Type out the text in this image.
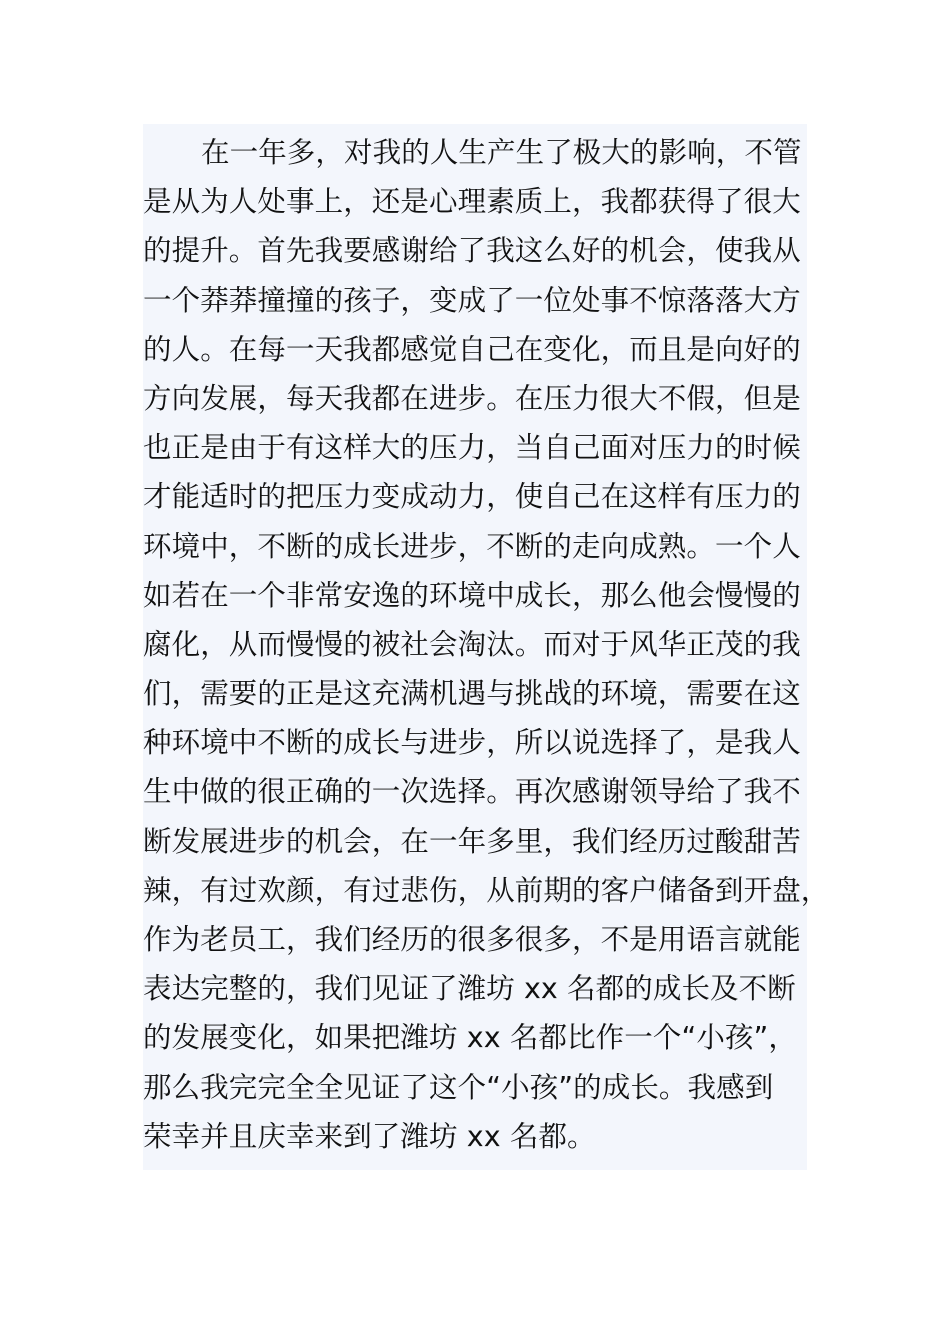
在一年多，对我的人生产生了极大的影响，不管
是从为人处事上，还是心理素质上，我都获得了很大
的提升。首先我要感谢给了我这么好的机会，使我从
一个莽莽撞撞的孩子，变成了一位处事不惊落落大方
的人。在每一天我都感觉自己在变化，而且是向好的
方向发展，每天我都在进步。在压力很大不假，但是
也正是由于有这样大的压力，当自己面对压力的时候
才能适时的把压力变成动力，使自己在这样有压力的
环境中，不断的成长进步，不断的走向成熟。一个人
如若在一个非常安逸的环境中成长，那么他会慢慢的
腐化，从而慢慢的被社会淘汰。而对于风华正茂的我
们，需要的正是这充满机遇与挑战的环境，需要在这
种环境中不断的成长与进步，所以说选择了，是我人
生中做的很正确的一次选择。再次感谢领导给了我不
断发展进步的机会，在一年多里，我们经历过酸甜苦
辣，有过欢颜，有过悲伤，从前期的客户储备到开盘，
作为老员工，我们经历的很多很多，不是用语言就能
表达完整的，我们见证了潍坊 xx 名都的成长及不断
的发展变化，如果把潍坊 xx 名都比作一个“小孩”，
那么我完完全全见证了这个“小孩”的成长。我感到
荣幸并且庆幸来到了潍坊 xx 名都。
